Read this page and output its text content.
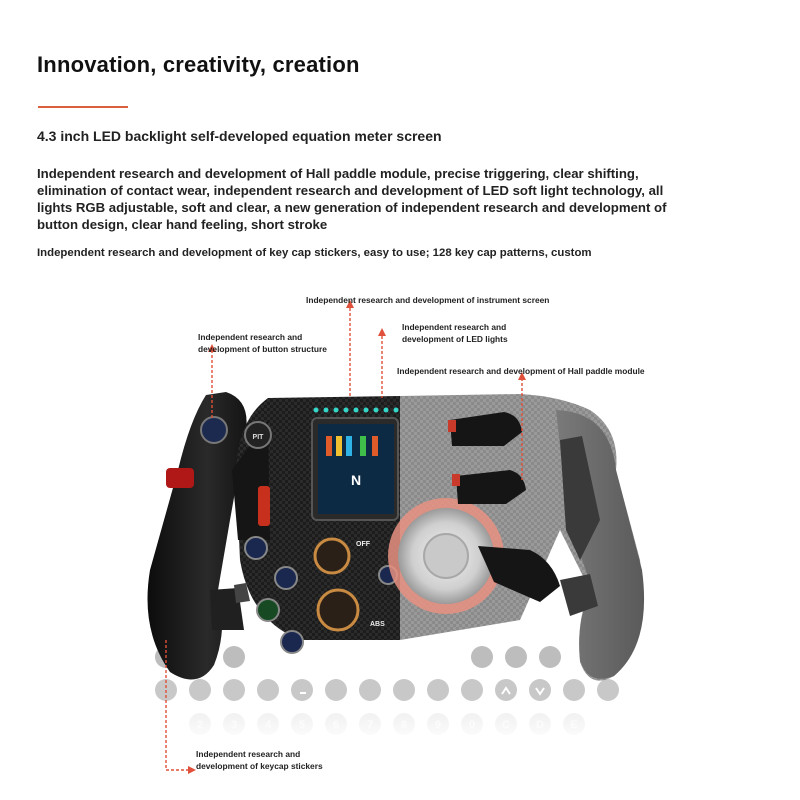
Innovation, creativity, creation
4.3 inch LED backlight self-developed equation meter screen
Independent research and development of Hall paddle module, precise triggering, clear shifting, elimination of contact wear, independent research and development of LED soft light technology, all lights RGB adjustable, soft and clear, a new generation of independent research and development of button design, clear hand feeling, short stroke
Independent research and development of key cap stickers, easy to use; 128 key cap patterns, custom
N
PIT
OFF
ABS
2	3	4	5	6	7	8	9	0 C D E
Independent research and development of instrument screen
Independent research and development of button structure
Independent research and development of LED lights
Independent research and development of Hall paddle module
Independent research and development of keycap stickers
